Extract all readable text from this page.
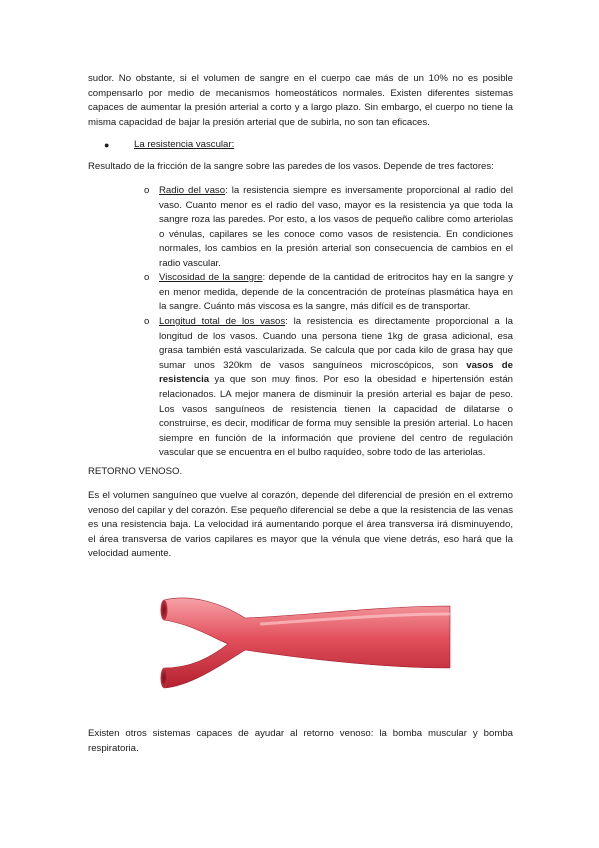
sudor. No obstante, si el volumen de sangre en el cuerpo cae más de un 10% no es posible compensarlo por medio de mecanismos homeostáticos normales. Existen diferentes sistemas capaces de aumentar la presión arterial a corto y a largo plazo. Sin embargo, el cuerpo no tiene la misma capacidad de bajar la presión arterial que de subirla, no son tan eficaces.

●	La resistencia vascular:

Resultado de la fricción de la sangre sobre las paredes de los vasos. Depende de tres factores:

o Radio del vaso: la resistencia siempre es inversamente proporcional al radio del vaso. Cuanto menor es el radio del vaso, mayor es la resistencia ya que toda la sangre roza las paredes. Por esto, a los vasos de pequeño calibre como arteriolas o vénulas, capilares se les conoce como vasos de resistencia. En condiciones normales, los cambios en la presión arterial son consecuencia de cambios en el radio vascular.

o Viscosidad de la sangre: depende de la cantidad de eritrocitos hay en la sangre y en menor medida, depende de la concentración de proteínas plasmática haya en la sangre. Cuánto más viscosa es la sangre, más difícil es de transportar.

o Longitud total de los vasos: la resistencia es directamente proporcional a la longitud de los vasos. Cuando una persona tiene 1kg de grasa adicional, esa grasa también está vascularizada. Se calcula que por cada kilo de grasa hay que sumar unos 320km de vasos sanguíneos microscópicos, son vasos de resistencia ya que son muy finos. Por eso la obesidad e hipertensión están relacionados. LA mejor manera de disminuir la presión arterial es bajar de peso. Los vasos sanguíneos de resistencia tienen la capacidad de dilatarse o construirse, es decir, modificar de forma muy sensible la presión arterial. Lo hacen siempre en función de la información que proviene del centro de regulación vascular que se encuentra en el bulbo raquídeo, sobre todo de las arteriolas.

RETORNO VENOSO.

Es el volumen sanguíneo que vuelve al corazón, depende del diferencial de presión en el extremo venoso del capilar y del corazón. Ese pequeño diferencial se debe a que la resistencia de las venas es una resistencia baja. La velocidad irá aumentando porque el área transversa irá disminuyendo, el área transversa de varios capilares es mayor que la vénula que viene detrás, eso hará que la velocidad aumente.

Existen otros sistemas capaces de ayudar al retorno venoso: la bomba muscular y bomba respiratoria.
